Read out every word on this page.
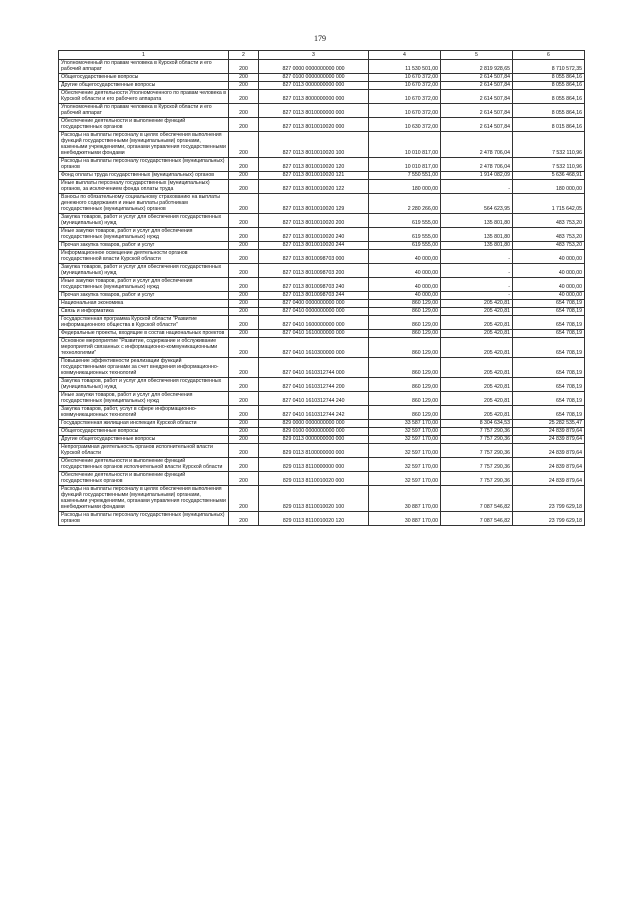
179
1	2	3	4	5	6
Уполномоченный по правам человека в Курской области и его рабочий аппарат	200	827 0000 0000000000 000	11 530 501,00	2 819 928,65	8 710 572,35
Общегосударственные вопросы	200	827 0100 0000000000 000	10 670 372,00	2 614 507,84	8 055 864,16
Другие общегосударственные вопросы	200	827 0113 0000000000 000	10 670 372,00	2 614 507,84	8 055 864,16
Обеспечение деятельности Уполномоченного по правам человека в Курской области и его рабочего аппарата	200	827 0113 8000000000 000	10 670 372,00	2 614 507,84	8 055 864,16
Уполномоченный по правам человека в Курской области и его рабочий аппарат	200	827 0113 8010000000 000	10 670 372,00	2 614 507,84	8 055 864,16
Обеспечение деятельности и выполнение функций государственных органов	200	827 0113 8010010020 000	10 630 372,00	2 614 507,84	8 015 864,16
Расходы на выплаты персоналу в целях обеспечения выполнения функций государственными (муниципальными) органами, казенными учреждениями, органами управления государственными внебюджетными фондами	200	827 0113 8010010020 100	10 010 817,00	2 478 706,04	7 532 110,96
Расходы на выплаты персоналу государственных (муниципальных) органов	200	827 0113 8010010020 120	10 010 817,00	2 478 706,04	7 532 110,96
Фонд оплаты труда государственных (муниципальных) органов	200	827 0113 8010010020 121	7 550 551,00	1 914 082,09	5 636 468,91
Иные выплаты персоналу государственных (муниципальных) органов, за исключением фонда оплаты труда	200	827 0113 8010010020 122	180 000,00	-	180 000,00
Взносы по обязательному социальному страхованию на выплаты денежного содержания и иные выплаты работникам государственных (муниципальных) органов	200	827 0113 8010010020 129	2 280 266,00	564 623,95	1 715 642,05
Закупка товаров, работ и услуг для обеспечения государственных (муниципальных) нужд	200	827 0113 8010010020 200	619 555,00	135 801,80	483 753,20
Иные закупки товаров, работ и услуг для обеспечения государственных (муниципальных) нужд	200	827 0113 8010010020 240	619 555,00	135 801,80	483 753,20
Прочая закупка товаров, работ и услуг	200	827 0113 8010010020 244	619 555,00	135 801,80	483 753,20
Информационное освещение деятельности органов государственной власти Курской области	200	827 0113 8010098703 000	40 000,00	-	40 000,00
Закупка товаров, работ и услуг для обеспечения государственных (муниципальных) нужд	200	827 0113 8010098703 200	40 000,00	-	40 000,00
Иные закупки товаров, работ и услуг для обеспечения государственных (муниципальных) нужд	200	827 0113 8010098703 240	40 000,00	-	40 000,00
Прочая закупка товаров, работ и услуг	200	827 0113 8010098703 244	40 000,00	-	40 000,00
Национальная экономика	200	827 0400 0000000000 000	860 129,00	205 420,81	654 708,19
Связь и информатика	200	827 0410 0000000000 000	860 129,00	205 420,81	654 708,19
Государственная программа Курской области "Развитие информационного общества в Курской области"	200	827 0410 1600000000 000	860 129,00	205 420,81	654 708,19
Федеральные проекты, входящие в состав национальных проектов	200	827 0410 1610000000 000	860 129,00	205 420,81	654 708,19
Основное мероприятие "Развитие, содержание и обслуживание мероприятий связанных с информационно-коммуникационными технологиями"	200	827 0410 1610300000 000	860 129,00	205 420,81	654 708,19
Повышение эффективности реализации функций государственными органами за счет внедрения информационно-коммуникационных технологий	200	827 0410 1610312744 000	860 129,00	205 420,81	654 708,19
Закупка товаров, работ и услуг для обеспечения государственных (муниципальных) нужд	200	827 0410 1610312744 200	860 129,00	205 420,81	654 708,19
Иные закупки товаров, работ и услуг для обеспечения государственных (муниципальных) нужд	200	827 0410 1610312744 240	860 129,00	205 420,81	654 708,19
Закупка товаров, работ, услуг в сфере информационно-коммуникационных технологий	200	827 0410 1610312744 242	860 129,00	205 420,81	654 708,19
Государственная жилищная инспекция Курской области	200	829 0000 0000000000 000	33 587 170,00	8 304 634,53	25 282 535,47
Общегосударственные вопросы	200	829 0100 0000000000 000	32 597 170,00	7 757 290,36	24 839 879,64
Другие общегосударственные вопросы	200	829 0113 0000000000 000	32 597 170,00	7 757 290,36	24 839 879,64
Непрограммная деятельность органов исполнительной власти Курской области	200	829 0113 8100000000 000	32 597 170,00	7 757 290,36	24 839 879,64
Обеспечение деятельности и выполнение функций государственных органов исполнительной власти Курской области	200	829 0113 8110000000 000	32 597 170,00	7 757 290,36	24 839 879,64
Обеспечение деятельности и выполнение функций государственных органов	200	829 0113 8110010020 000	32 597 170,00	7 757 290,36	24 839 879,64
Расходы на выплаты персоналу в целях обеспечения выполнения функций государственными (муниципальными) органами, казенными учреждениями, органами управления государственными внебюджетными фондами	200	829 0113 8110010020 100	30 887 170,00	7 087 546,82	23 799 629,18
Расходы на выплаты персоналу государственных (муниципальных) органов	200	829 0113 8110010020 120	30 887 170,00	7 087 546,82	23 799 629,18
